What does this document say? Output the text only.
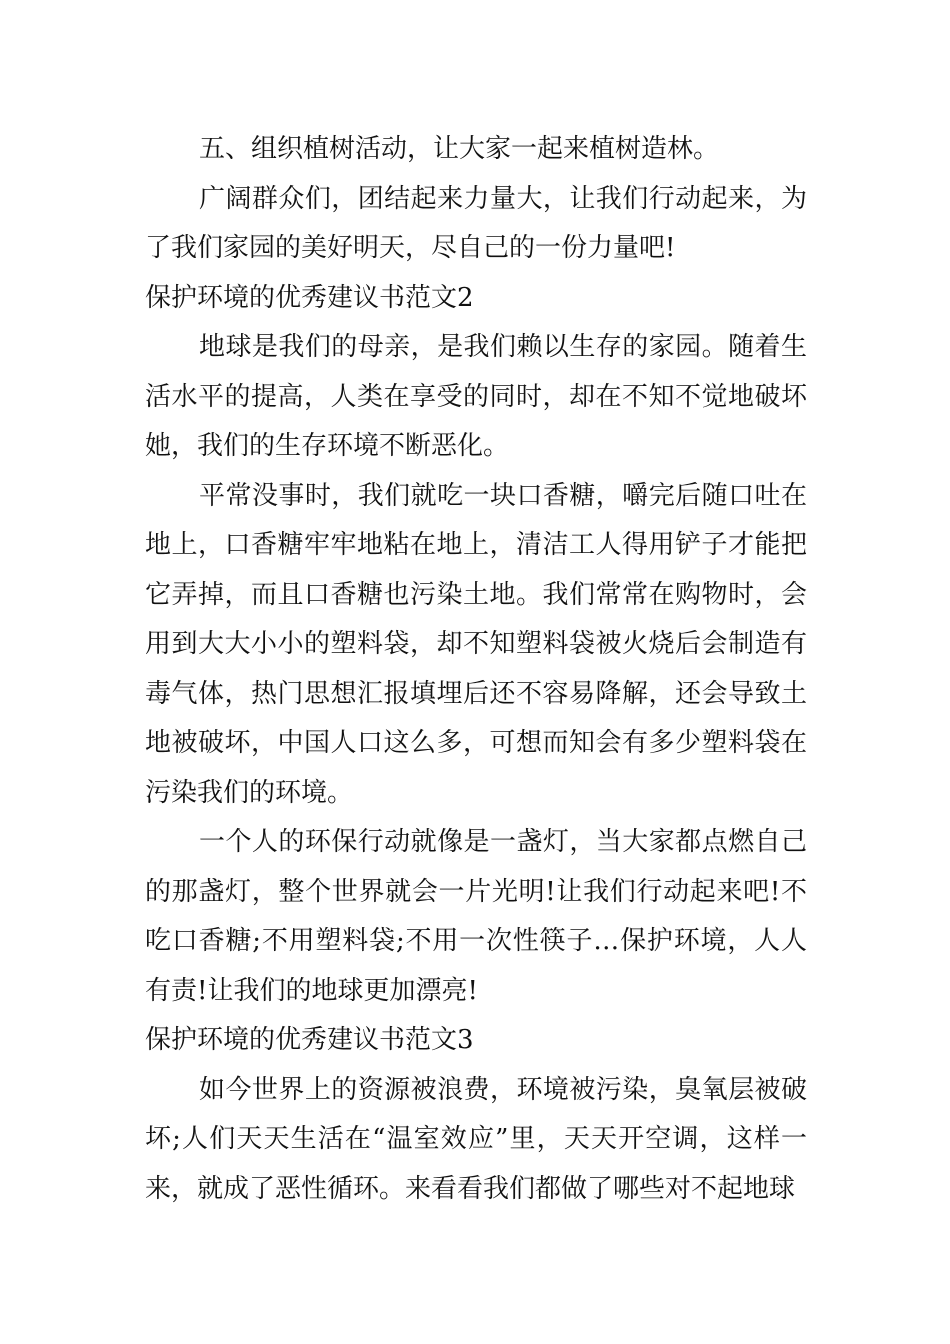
五、组织植树活动，让大家一起来植树造林。

广阔群众们，团结起来力量大，让我们行动起来，为了我们家园的美好明天，尽自己的一份力量吧!

保护环境的优秀建议书范文2

地球是我们的母亲，是我们赖以生存的家园。随着生活水平的提高，人类在享受的同时，却在不知不觉地破坏她，我们的生存环境不断恶化。

平常没事时，我们就吃一块口香糖，嚼完后随口吐在地上，口香糖牢牢地粘在地上，清洁工人得用铲子才能把它弄掉，而且口香糖也污染土地。我们常常在购物时，会用到大大小小的塑料袋，却不知塑料袋被火烧后会制造有毒气体，热门思想汇报填埋后还不容易降解，还会导致土地被破坏，中国人口这么多，可想而知会有多少塑料袋在污染我们的环境。

一个人的环保行动就像是一盏灯，当大家都点燃自己的那盏灯，整个世界就会一片光明!让我们行动起来吧!不吃口香糖;不用塑料袋;不用一次性筷子…保护环境，人人有责!让我们的地球更加漂亮!

保护环境的优秀建议书范文3

如今世界上的资源被浪费，环境被污染，臭氧层被破坏;人们天天生活在“温室效应”里，天天开空调，这样一来，就成了恶性循环。来看看我们都做了哪些对不起地球
